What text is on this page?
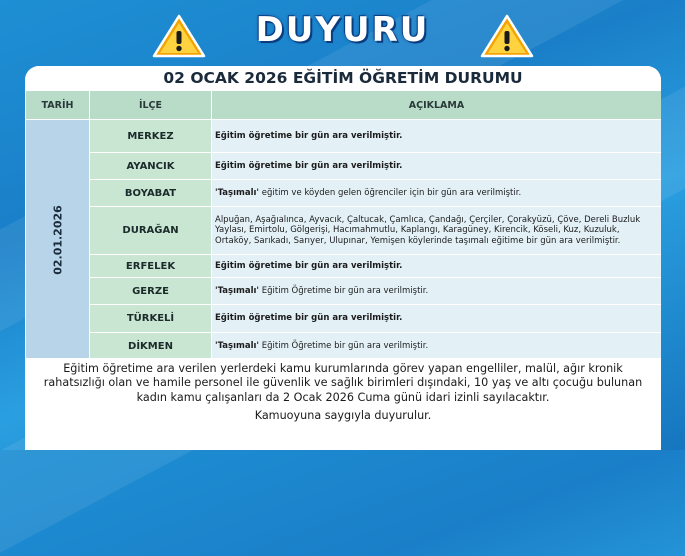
DUYURU
02 OCAK 2026 EĞİTİM ÖĞRETİM DURUMU
TARİH	İLÇE	AÇIKLAMA

02.01.2026	MERKEZ	Eğitim öğretime bir gün ara verilmiştir.
	AYANCIK	Eğitim öğretime bir gün ara verilmiştir.
	BOYABAT	'Taşımalı' eğitim ve köyden gelen öğrenciler için bir gün ara verilmiştir.
	DURAĞAN	Alpuğan, Aşağıalınca, Ayvacık, Çaltucak, Çamlıca, Çandağı, Çerçiler, Çorakyüzü, Çöve, Dereli Buzluk Yaylası, Emirtolu, Gölgerişi, Hacımahmutlu, Kaplangı, Karagüney, Kirencik, Köseli, Kuz, Kuzuluk, Ortaköy, Sarıkadı, Sarıyer, Ulupınar, Yemişen köylerinde taşımalı eğitime bir gün ara verilmiştir.
	ERFELEK	Eğitim öğretime bir gün ara verilmiştir.
	GERZE	'Taşımalı' Eğitim Öğretime bir gün ara verilmiştir.
	TÜRKELİ	Eğitim öğretime bir gün ara verilmiştir.
	DİKMEN	'Taşımalı' Eğitim Öğretime bir gün ara verilmiştir.
Eğitim öğretime ara verilen yerlerdeki kamu kurumlarında görev yapan engelliler, malül, ağır kronik rahatsızlığı olan ve hamile personel ile güvenlik ve sağlık birimleri dışındaki, 10 yaş ve altı çocuğu bulunan kadın kamu çalışanları da 2 Ocak 2026 Cuma günü idari izinli sayılacaktır.
Kamuoyuna saygıyla duyurulur.
